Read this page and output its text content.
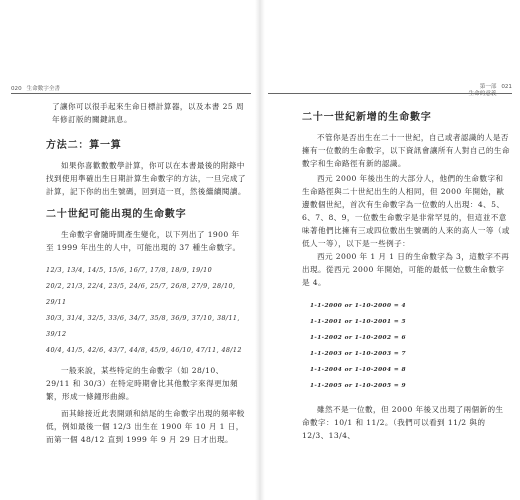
020 生命數字全書

了讓你可以很手起來生命日標計算器，以及本書 25 周年修訂版的關鍵訊息。

方法二：算一算

如果你喜歡數數學計算，你可以在本書最後的附錄中找到使用準確出生日期計算生命數字的方法，一旦完成了計算，記下你的出生號碼，回到這一頁，然後繼續閱讀。

二十世紀可能出現的生命數字

生命數字會隨時間產生變化，以下列出了 1900 年至 1999 年出生的人中，可能出現的 37 種生命數字。

12/3, 13/4, 14/5, 15/6, 16/7, 17/8, 18/9, 19/10

20/2, 21/3, 22/4, 23/5, 24/6, 25/7, 26/8, 27/9, 28/10, 29/11

30/3, 31/4, 32/5, 33/6, 34/7, 35/8, 36/9, 37/10, 38/11, 39/12

40/4, 41/5, 42/6, 43/7, 44/8, 45/9, 46/10, 47/11, 48/12

一般來說，某些特定的生命數字（如 28/10、29/11 和 30/3）在特定時期會比其他數字來得更加頻繁，形成一條鐘形曲線。

而其餘接近此表開頭和結尾的生命數字出現的頻率較低，例如最後一個 12/3 出生在 1900 年 10 月 1 日，而第一個 48/12 直到 1999 年 9 月 29 日才出現。

第一部
生命的意義
021

二十一世紀新增的生命數字

不管你是否出生在二十一世紀，自己或者認識的人是否擁有一位數的生命數字，以下資訊會讓所有人對自己的生命數字和生命路徑有新的認識。

西元 2000 年後出生的大部分人，他們的生命數字和生命路徑與二十世紀出生的人相同，但 2000 年開始，歐邊數個世紀，首次有生命數字為一位數的人出現：4、5、6、7、8、9，一位數生命數字是非常罕見的，但這並不意味著他們比擁有三或四位數出生號碼的人來的高人一等（或低人一等），以下是一些例子：

西元 2000 年 1 月 1 日的生命數字為 3，這數字不再出現。從西元 2000 年開始，可能的最低一位數生命數字是 4。

1-1-2000 or 1-10-2000 = 4

1-1-2001 or 1-10-2001 = 5

1-1-2002 or 1-10-2002 = 6

1-1-2003 or 1-10-2003 = 7

1-1-2004 or 1-10-2004 = 8

1-1-2005 or 1-10-2005 = 9

雖然不是一位數，但 2000 年後又出現了兩個新的生命數字：10/1 和 11/2。（我們可以看到 11/2 與的 12/3、13/4、
